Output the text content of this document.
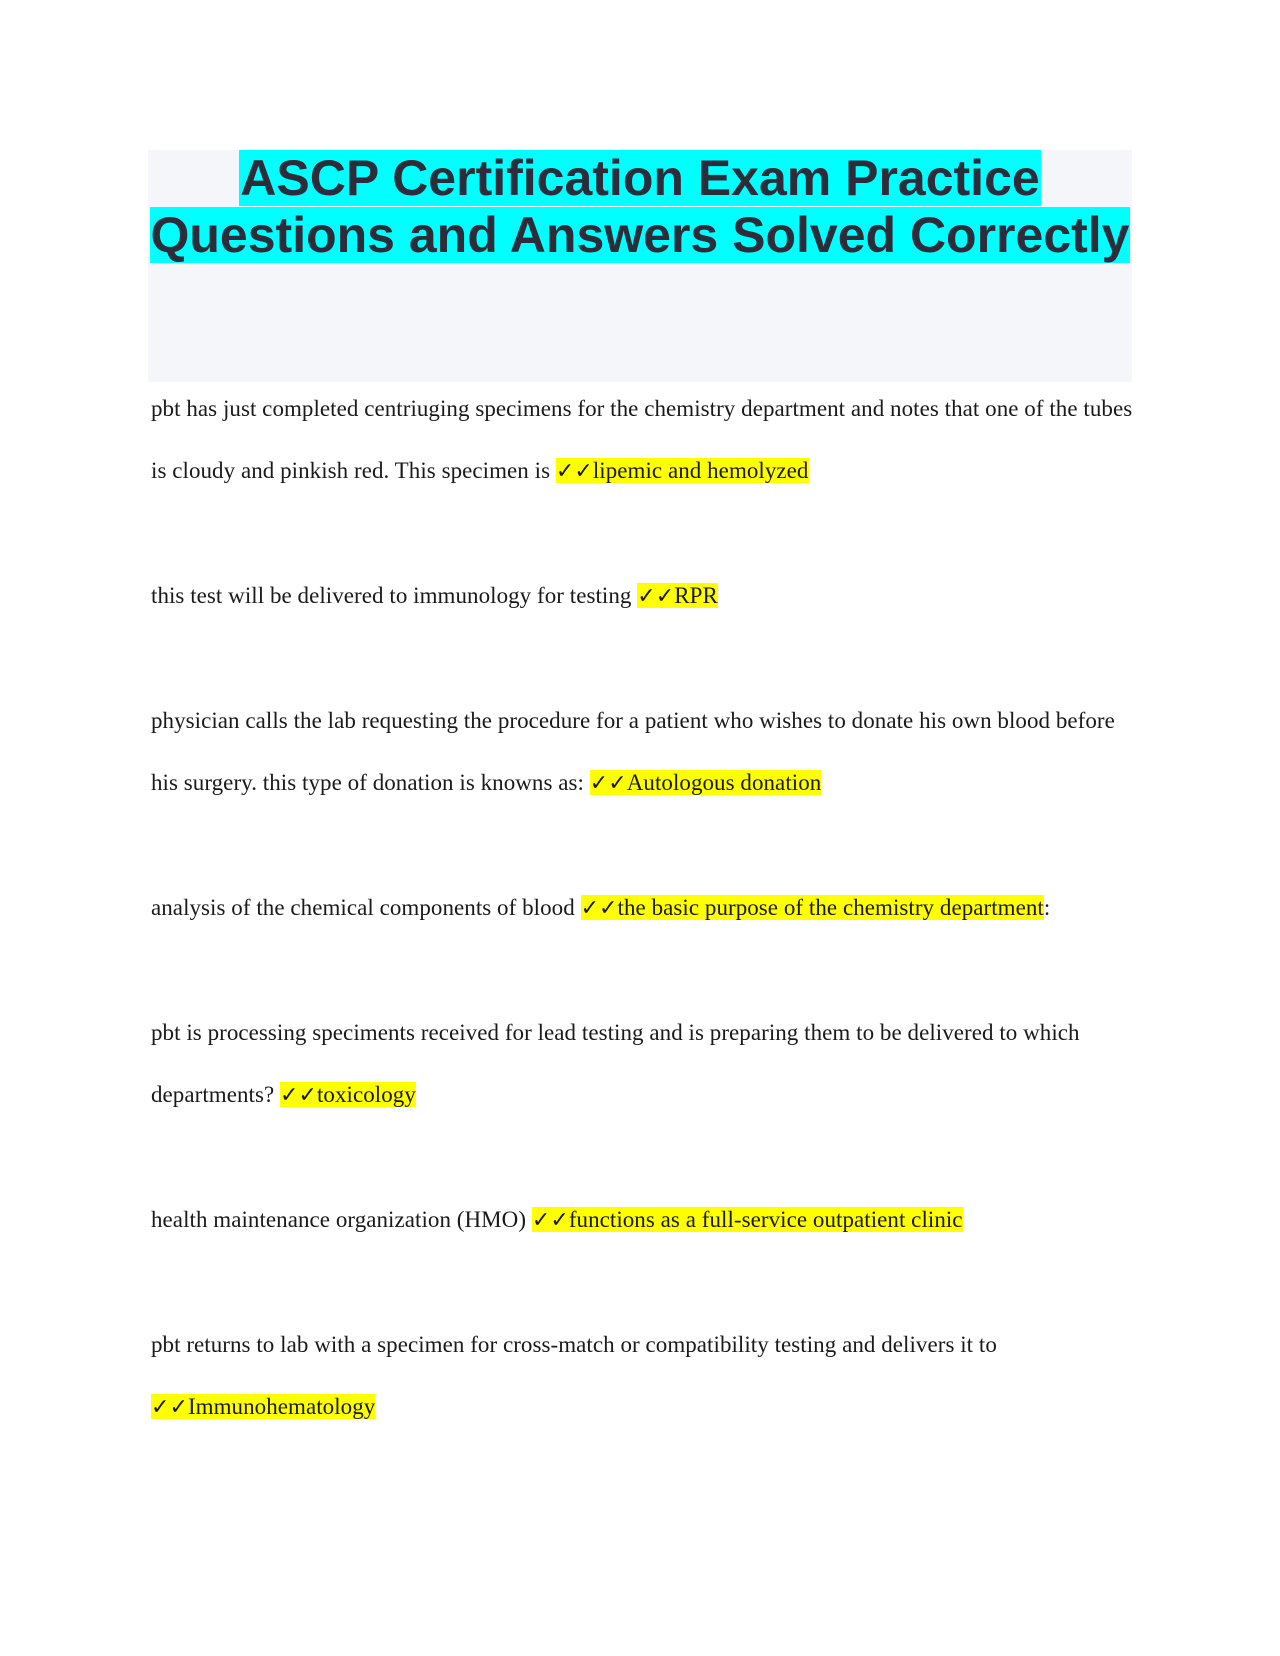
ASCP Certification Exam Practice Questions and Answers Solved Correctly

pbt has just completed centriuging specimens for the chemistry department and notes that one of the tubes is cloudy and pinkish red. This specimen is ✓✓lipemic and hemolyzed

this test will be delivered to immunology for testing ✓✓RPR

physician calls the lab requesting the procedure for a patient who wishes to donate his own blood before his surgery. this type of donation is knowns as: ✓✓Autologous donation

analysis of the chemical components of blood ✓✓the basic purpose of the chemistry department:

pbt is processing speciments received for lead testing and is preparing them to be delivered to which departments? ✓✓toxicology

health maintenance organization (HMO) ✓✓functions as a full-service outpatient clinic

pbt returns to lab with a specimen for cross-match or compatibility testing and delivers it to ✓✓Immunohematology
